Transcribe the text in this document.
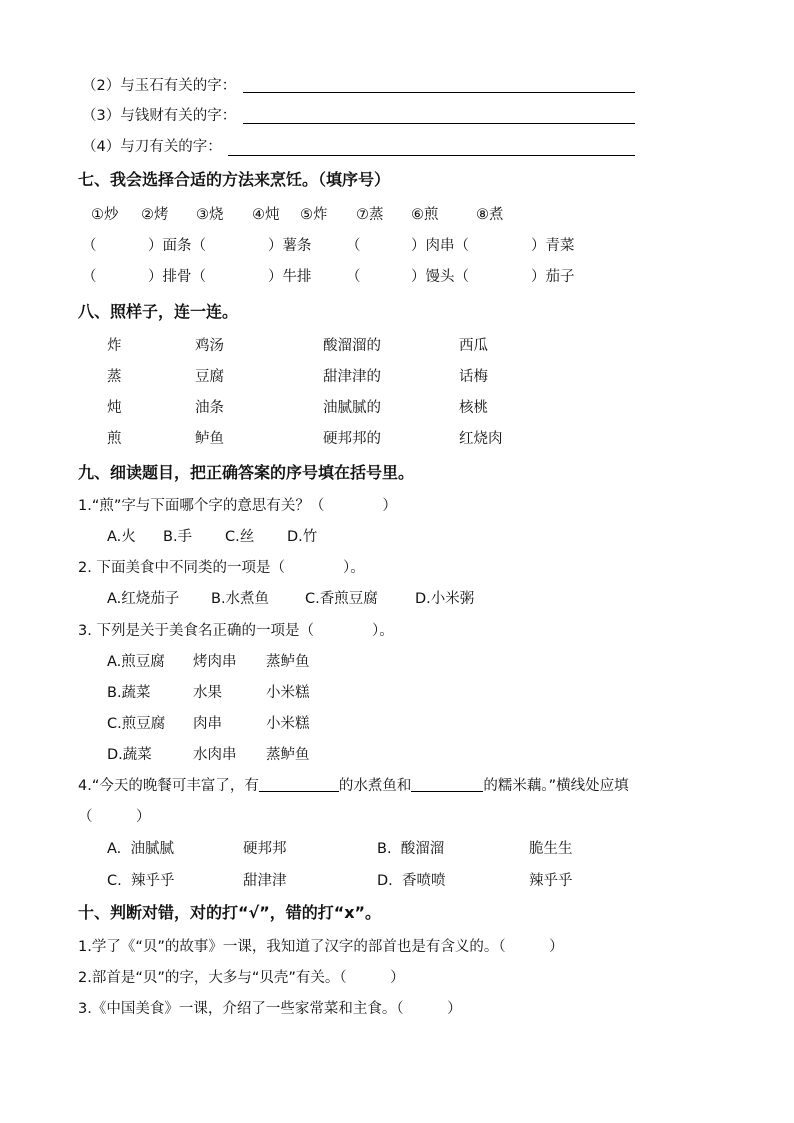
（2）与玉石有关的字：
（3）与钱财有关的字：
（4）与刀有关的字：
七、我会选择合适的方法来烹饪。（填序号）
①炒 ②烤 ③烧 ④炖 ⑤炸 ⑦蒸 ⑥煎	⑧煮
（	）面条（	）薯条 （	）肉串（	）青菜
（	）排骨（	）牛排 （	）馒头（	）茄子
八、照样子，连一连。
炸	鸡汤	酸溜溜的	西瓜
蒸	豆腐	甜津津的	话梅
炖	油条	油腻腻的	核桃
煎	鲈鱼	硬邦邦的	红烧肉
九、细读题目，把正确答案的序号填在括号里。
1.“煎”字与下面哪个字的意思有关？（　　　　）
A.火 B.手 C.丝 D.竹
2. 下面美食中不同类的一项是（　　　　）。
A.红烧茄子 B.水煮鱼 C.香煎豆腐	D.小米粥
3. 下列是关于美食名正确的一项是（　　　　）。
A.煎豆腐 烤肉串 蒸鲈鱼
B.蔬菜	水果	小米糕
C.煎豆腐 肉串	小米糕
D.蔬菜	水肉串 蒸鲈鱼
4.“今天的晚餐可丰富了，有	的水煮鱼和	的糯米藕。”横线处应填
（　　　）
A.  油腻腻	硬邦邦	B.  酸溜溜	脆生生
C.  辣乎乎	甜津津	D.  香喷喷	辣乎乎
十、判断对错，对的打“√”，错的打“x”。
1.学了《“贝”的故事》一课，我知道了汉字的部首也是有含义的。（　　　）
2.部首是“贝”的字，大多与“贝壳”有关。（　　　）
3.《中国美食》一课，介绍了一些家常菜和主食。（　　　）
